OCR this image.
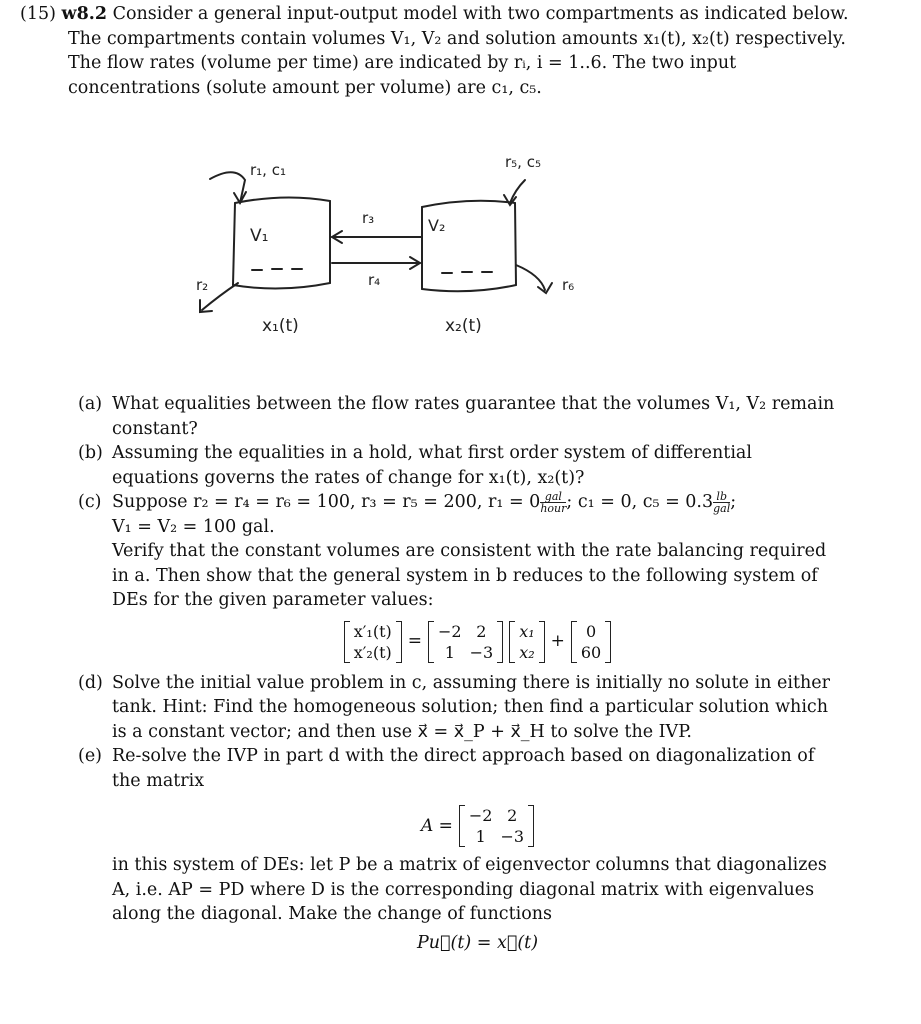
(15) w8.2 Consider a general input-output model with two compartments as indicated below. The compartments contain volumes V₁, V₂ and solution amounts x₁(t), x₂(t) respectively. The flow rates (volume per time) are indicated by rᵢ, i = 1..6. The two input concentrations (solute amount per volume) are c₁, c₅.
r₁, c₁	r₅, c₅
V₁
V₂
r₃
r₄
r₂	r₆
x₁(t)	x₂(t)
(a) What equalities between the flow rates guarantee that the volumes V₁, V₂ remain constant?
(b) Assuming the equalities in a hold, what first order system of differential equations governs the rates of change for x₁(t), x₂(t)?
(c) Suppose r₂ = r₄ = r₆ = 100, r₃ = r₅ = 200, $r_1 = 0 \frac{\text{gal}}{\text{hour}}$ ; c₁ = 0, $c_5 = 0.3 \frac{lb}{\text{gal}}$ ;
V₁ = V₂ = 100 gal.
Verify that the constant volumes are consistent with the rate balancing required in a. Then show that the general system in b reduces to the following system of DEs for the given parameter values:
x′₁(t)
x′₂(t)
=
−2	2
1	−3
x₁
x₂
+
0
60
(d) Solve the initial value problem in c, assuming there is initially no solute in either tank. Hint: Find the homogeneous solution; then find a particular solution which is a constant vector; and then use x⃗ = x⃗_P + x⃗_H to solve the IVP.
(e) Re-solve the IVP in part d with the direct approach based on diagonalization of the matrix
A =
−2	2
1	−3
in this system of DEs: let P be a matrix of eigenvector columns that diagonalizes A, i.e. AP = PD where D is the corresponding diagonal matrix with eigenvalues along the diagonal. Make the change of functions
Pu⃗(t) = x⃗(t)
